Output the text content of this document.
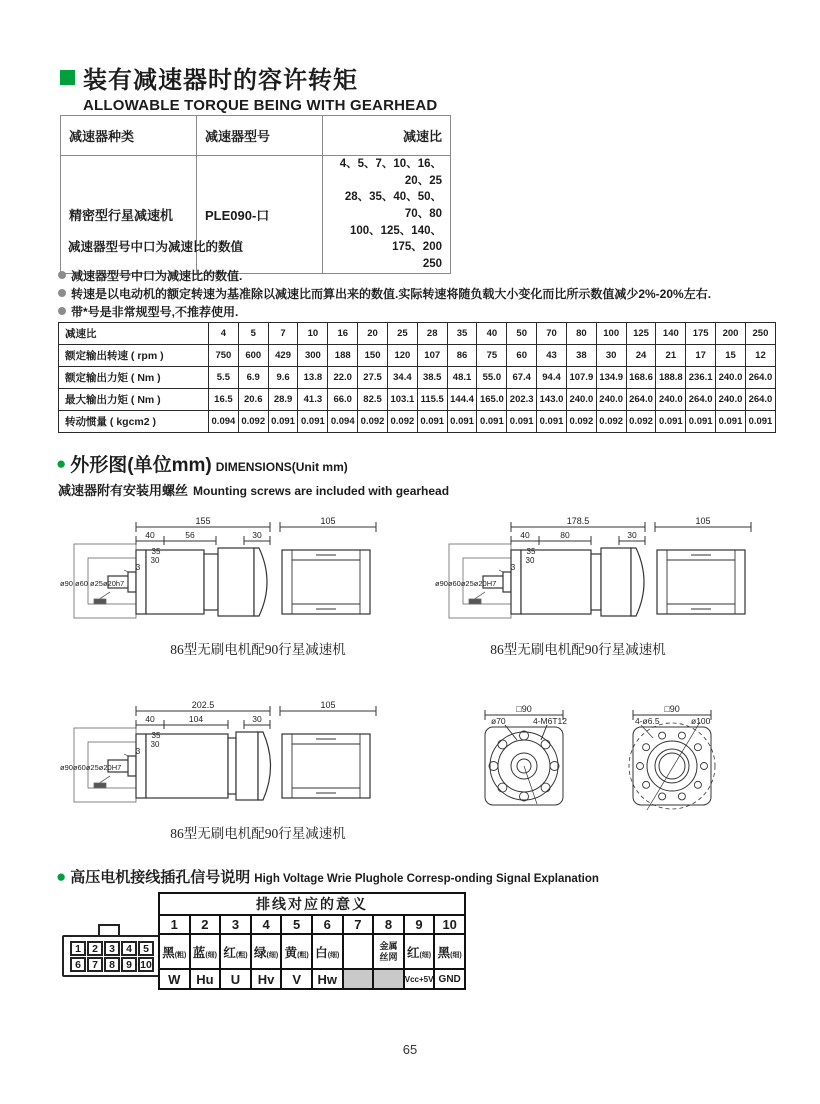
装有减速器时的容许转矩
ALLOWABLE TORQUE BEING WITH GEARHEAD
减速器种类	减速器型号	减速比
精密型行星减速机	PLE090-口	4、5、7、10、16、20、25
28、35、40、50、70、80
100、125、140、175、200
250
减速器型号中口为减速比的数值
减速器型号中口为减速比的数值.
转速是以电动机的额定转速为基准除以减速比而算出来的数值.实际转速将随负载大小变化而比所示数值减少2%-20%左右.
带*号是非常规型号,不推荐使用.
减速比	4	5	7	10	16	20	25	28	35	40	50	70	80	100	125	140	175	200	250
额定输出转速 ( rpm )	750	600	429	300	188	150	120	107	86	75	60	43	38	30	24	21	17	15	12
额定输出力矩 ( Nm )	5.5	6.9	9.6	13.8	22.0	27.5	34.4	38.5	48.1	55.0	67.4	94.4	107.9	134.9	168.6	188.8	236.1	240.0	264.0
最大输出力矩 ( Nm )	16.5	20.6	28.9	41.3	66.0	82.5	103.1	115.5	144.4	165.0	202.3	143.0	240.0	240.0	264.0	240.0	264.0	240.0	264.0
转动惯量 ( kgcm2 )	0.094	0.092	0.091	0.091	0.094	0.092	0.092	0.091	0.091	0.091	0.091	0.091	0.092	0.092	0.092	0.091	0.091	0.091	0.091
● 外形图(单位mm) DIMENSIONS(Unit mm)
减速器附有安装用螺丝 Mounting screws are included with gearhead
155	105
40	56	30
35
30
3
ø90 ø60 ø25ø20h7
86型无刷电机配90行星减速机
178.5	105
40	80	30
35
30
3
ø90ø60ø25ø20H7
86型无刷电机配90行星减速机
202.5	105
40	104	30
35
30
3
ø90ø60ø25ø20H7
86型无刷电机配90行星减速机
□90
ø70	4-M6T12
□90
4-ø6.5	ø100
● 高压电机接线插孔信号说明 High Voltage Wrie Plughole Corresp-onding Signal Explanation
1	2	3	4	5
6	7	8	9 10
排线对应的意义									
1	2	3	4	5	6	7	8	9	10
黑(粗)	蓝(细)	红(粗)	绿(细)	黄(粗)	白(细)		金属丝网	红(细)	黑(细)
W	Hu	U	Hv	V	Hw			Vcc+5V	GND
65
